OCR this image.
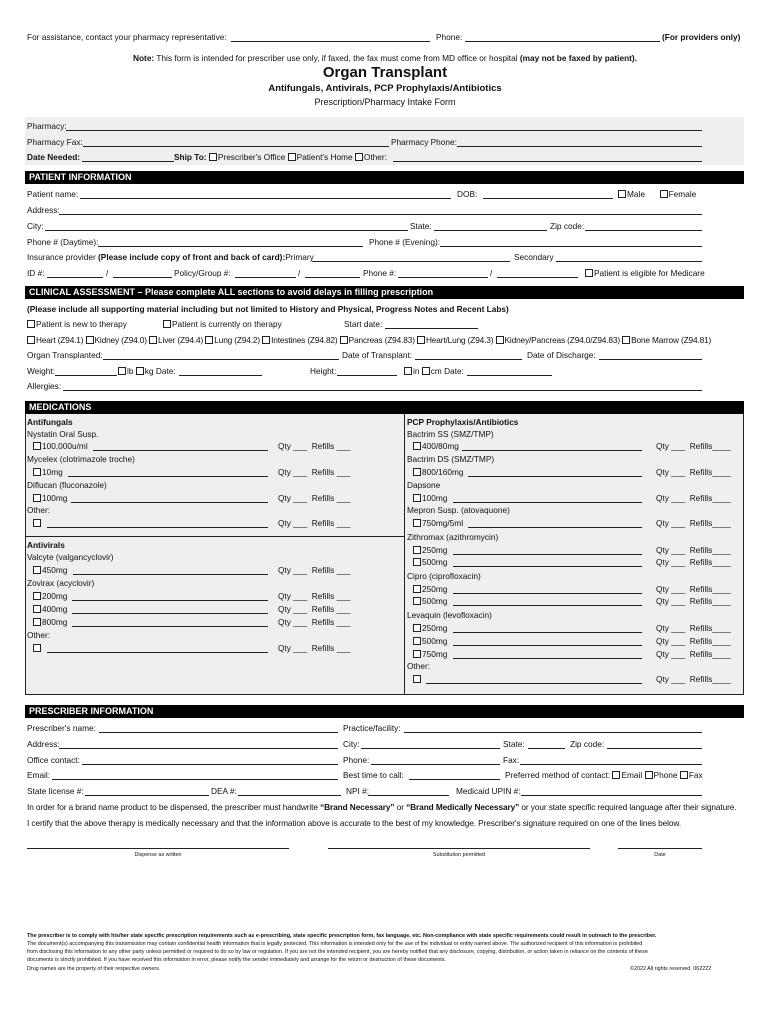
For assistance, contact your pharmacy representative:	Phone:	(For providers only)
Note: This form is intended for prescriber use only, if faxed, the fax must come from MD office or hospital (may not be faxed by patient).
Organ Transplant
Antifungals, Antivirals, PCP Prophylaxis/Antibiotics
Prescription/Pharmacy Intake Form
Pharmacy:
Pharmacy Fax:	Pharmacy Phone:
Date Needed:	Ship To: Prescriber's Office Patient's Home Other:
PATIENT INFORMATION
Patient name:	DOB:	Male	Female
Address:
City:	State:	Zip code:
Phone # (Daytime):	Phone # (Evening):
Insurance provider (Please include copy of front and back of card):Primary	Secondary
ID #:	/	Policy/Group #:	/	Phone #:	/	Patient is eligible for Medicare
CLINICAL ASSESSMENT – Please complete ALL sections to avoid delays in filling prescription
(Please include all supporting material including but not limited to History and Physical, Progress Notes and Recent Labs)
Patient is new to therapy	Patient is currently on therapy	Start date:
Heart (Z94.1) Kidney (Z94.0) Liver (Z94.4) Lung (Z94.2) Intestines (Z94.82) Pancreas (Z94.83) Heart/Lung (Z94.3) Kidney/Pancreas (Z94.0/Z94.83) Bone Marrow (Z94.81)
Organ Transplanted:	Date of Transplant:	Date of Discharge:
Weight:	lb kg Date:	Height:	in cm Date:
Allergies:
MEDICATIONS
Antifungals
Nystatin Oral Susp.
100,000u/ml	Qty ___  Refills ___
Mycelex (clotrimazole troche)
10mg	Qty ___  Refills ___
Diflucan (fluconazole)
100mg	Qty ___  Refills ___
Other:
Qty ___  Refills ___
Antivirals
Valcyte (valgancyclovir)
450mg	Qty ___  Refills ___
Zovirax (acyclovir)
200mg	Qty ___  Refills ___
400mg	Qty ___  Refills ___
800mg	Qty ___  Refills ___
Other:
Qty ___  Refills ___
PCP Prophylaxis/Antibiotics
Bactrim SS (SMZ/TMP)
400/80mg	Qty ___  Refills____
Bactrim DS (SMZ/TMP)
800/160mg	Qty ___  Refills____
Dapsone
100mg	Qty ___  Refills____
Mepron Susp. (atovaquone)
750mg/5ml	Qty ___  Refills____
Zithromax (azithromycin)
250mg	Qty ___  Refills____
500mg	Qty ___  Refills____
Cipro (ciprofloxacin)
250mg	Qty ___  Refills____
500mg	Qty ___  Refills____
Levaquin (levofloxacin)
250mg	Qty ___  Refills____
500mg	Qty ___  Refills____
750mg	Qty ___  Refills____
Other:
Qty ___  Refills____
PRESCRIBER INFORMATION
Prescriber's name:	Practice/facility:
Address:	City:	State:	Zip code:
Office contact:	Phone:	Fax:
Email:	Best time to call:	Preferred method of contact: Email Phone Fax
State license #:	DEA #:	NPI #:	Medicaid UPIN #:
In order for a brand name product to be dispensed, the prescriber must handwrite “Brand Necessary” or “Brand Medically Necessary” or your state specific required language after their signature.
I certify that the above therapy is medically necessary and that the information above is accurate to the best of my knowledge. Prescriber's signature required on one of the lines below.
Dispense as written	Substitution permitted	Date
The prescriber is to comply with his/her state specific prescription requirements such as e-prescribing, state specific prescription form, fax language, etc. Non-compliance with state specific requirements could result in outreach to the prescriber.
The document(s) accompanying this transmission may contain confidential health information that is legally protected. This information is intended only for the use of the individual or entity named above. The authorized recipient of this information is prohibited
from disclosing this information to any other party unless permitted or required to do so by law or regulation. If you are not the intended recipient, you are hereby notified that any disclosure, copying, distribution, or action taken in reliance on the contents of these
documents is strictly prohibited. If you have received this information in error, please notify the sender immediately and arrange for the return or destruction of these documents.
Drug names are the property of their respective owners.	©2022 All rights reserved. 062222
